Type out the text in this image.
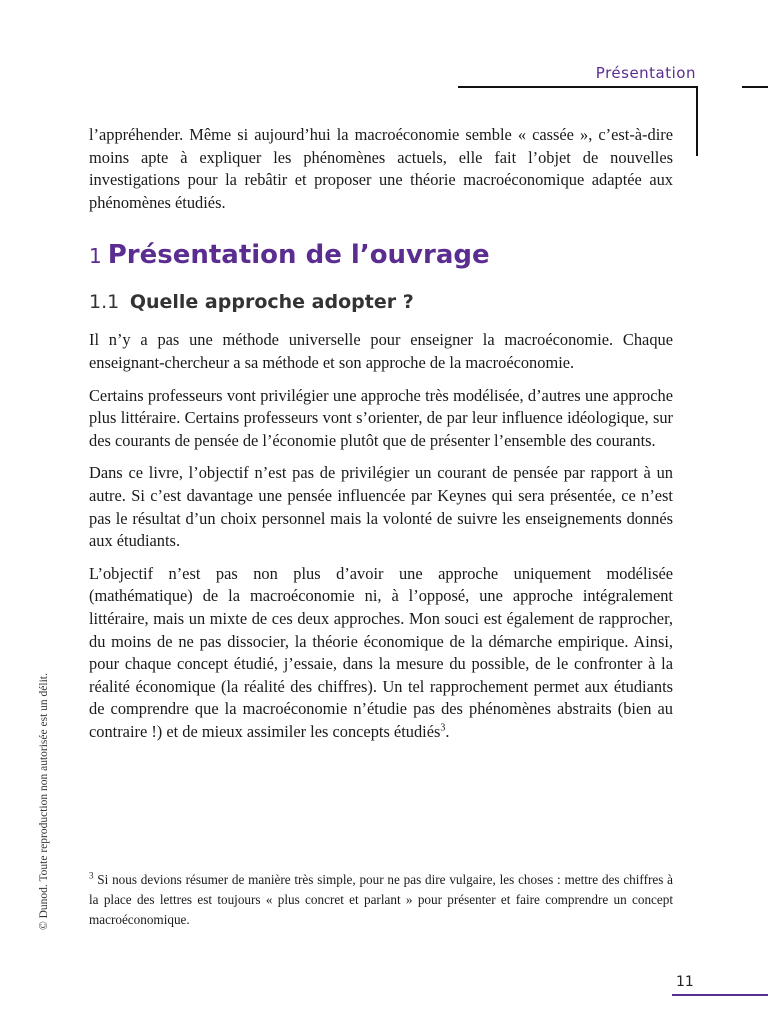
Présentation

l’appréhender. Même si aujourd’hui la macroéconomie semble « cassée », c’est-à-dire moins apte à expliquer les phénomènes actuels, elle fait l’objet de nouvelles investigations pour la rebâtir et proposer une théorie macroéconomique adaptée aux phénomènes étudiés.

1 Présentation de l’ouvrage
1.1 Quelle approche adopter ?

Il n’y a pas une méthode universelle pour enseigner la macroéconomie. Chaque enseignant-chercheur a sa méthode et son approche de la macroéconomie.

Certains professeurs vont privilégier une approche très modélisée, d’autres une approche plus littéraire. Certains professeurs vont s’orienter, de par leur influence idéologique, sur des courants de pensée de l’économie plutôt que de présenter l’ensemble des courants.

Dans ce livre, l’objectif n’est pas de privilégier un courant de pensée par rapport à un autre. Si c’est davantage une pensée influencée par Keynes qui sera présentée, ce n’est pas le résultat d’un choix personnel mais la volonté de suivre les enseignements donnés aux étudiants.

L’objectif n’est pas non plus d’avoir une approche uniquement modélisée (mathématique) de la macroéconomie ni, à l’opposé, une approche intégralement littéraire, mais un mixte de ces deux approches. Mon souci est également de rapprocher, du moins de ne pas dissocier, la théorie économique de la démarche empirique. Ainsi, pour chaque concept étudié, j’essaie, dans la mesure du possible, de le confronter à la réalité économique (la réalité des chiffres). Un tel rapprochement permet aux étudiants de comprendre que la macroéconomie n’étudie pas des phénomènes abstraits (bien au contraire !) et de mieux assimiler les concepts étudiés$^3$.

$^3$ Si nous devions résumer de manière très simple, pour ne pas dire vulgaire, les choses : mettre des chiffres à la place des lettres est toujours « plus concret et parlant » pour présenter et faire comprendre un concept macroéconomique.
© Dunod. Toute reproduction non autorisée est un délit.
11
